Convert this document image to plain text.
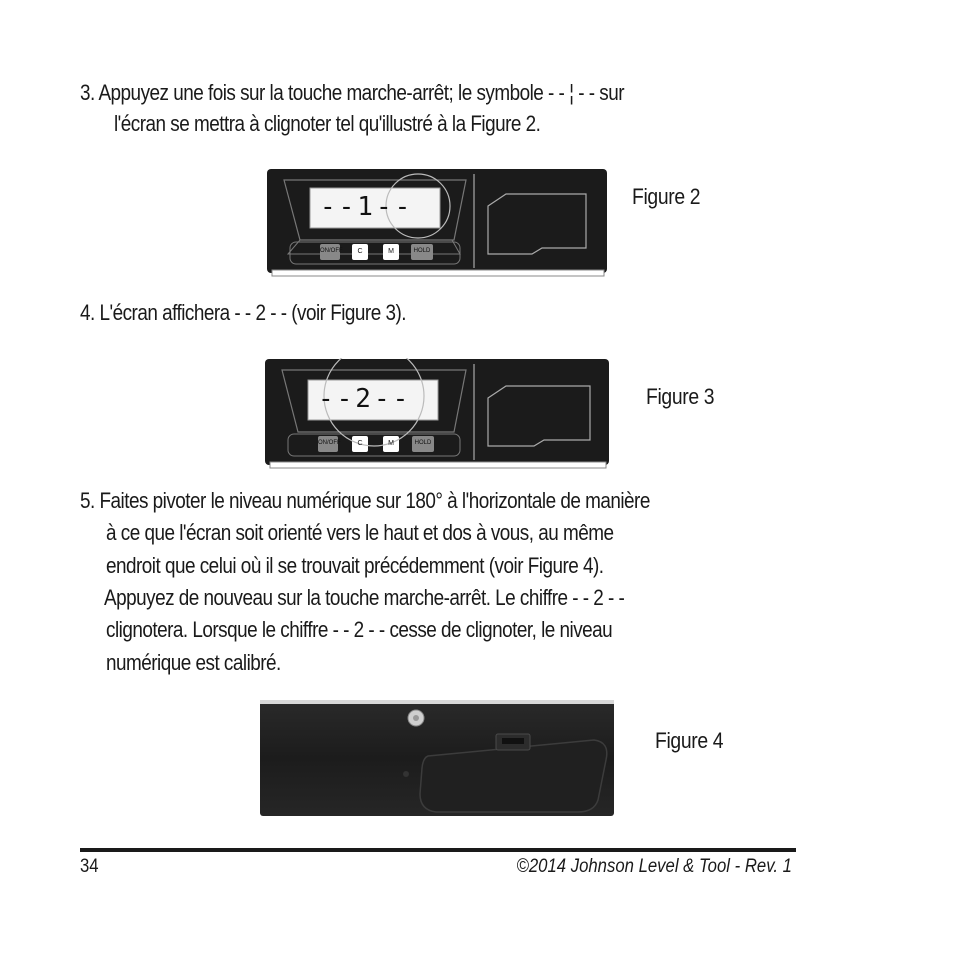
3. Appuyez une fois sur la touche marche-arrêt; le symbole - - ¦ - - sur
l'écran se mettra à clignoter tel qu'illustré à la Figure 2.
ON/OFF	C	M	HOLD
--1--	Figure 2
4. L'écran affichera - - 2 - - (voir Figure 3).
ON/OFF	C	M	HOLD
--2--	Figure 3
5. Faites pivoter le niveau numérique sur 180° à l'horizontale de manière
à ce que l'écran soit orienté vers le haut et dos à vous, au même
endroit que celui où il se trouvait précédemment (voir Figure 4).
Appuyez de nouveau sur la touche marche-arrêt. Le chiffre - - 2 - -
clignotera. Lorsque le chiffre - - 2 - - cesse de clignoter, le niveau
numérique est calibré.
Figure 4
34	©2014 Johnson Level & Tool - Rev. 1
